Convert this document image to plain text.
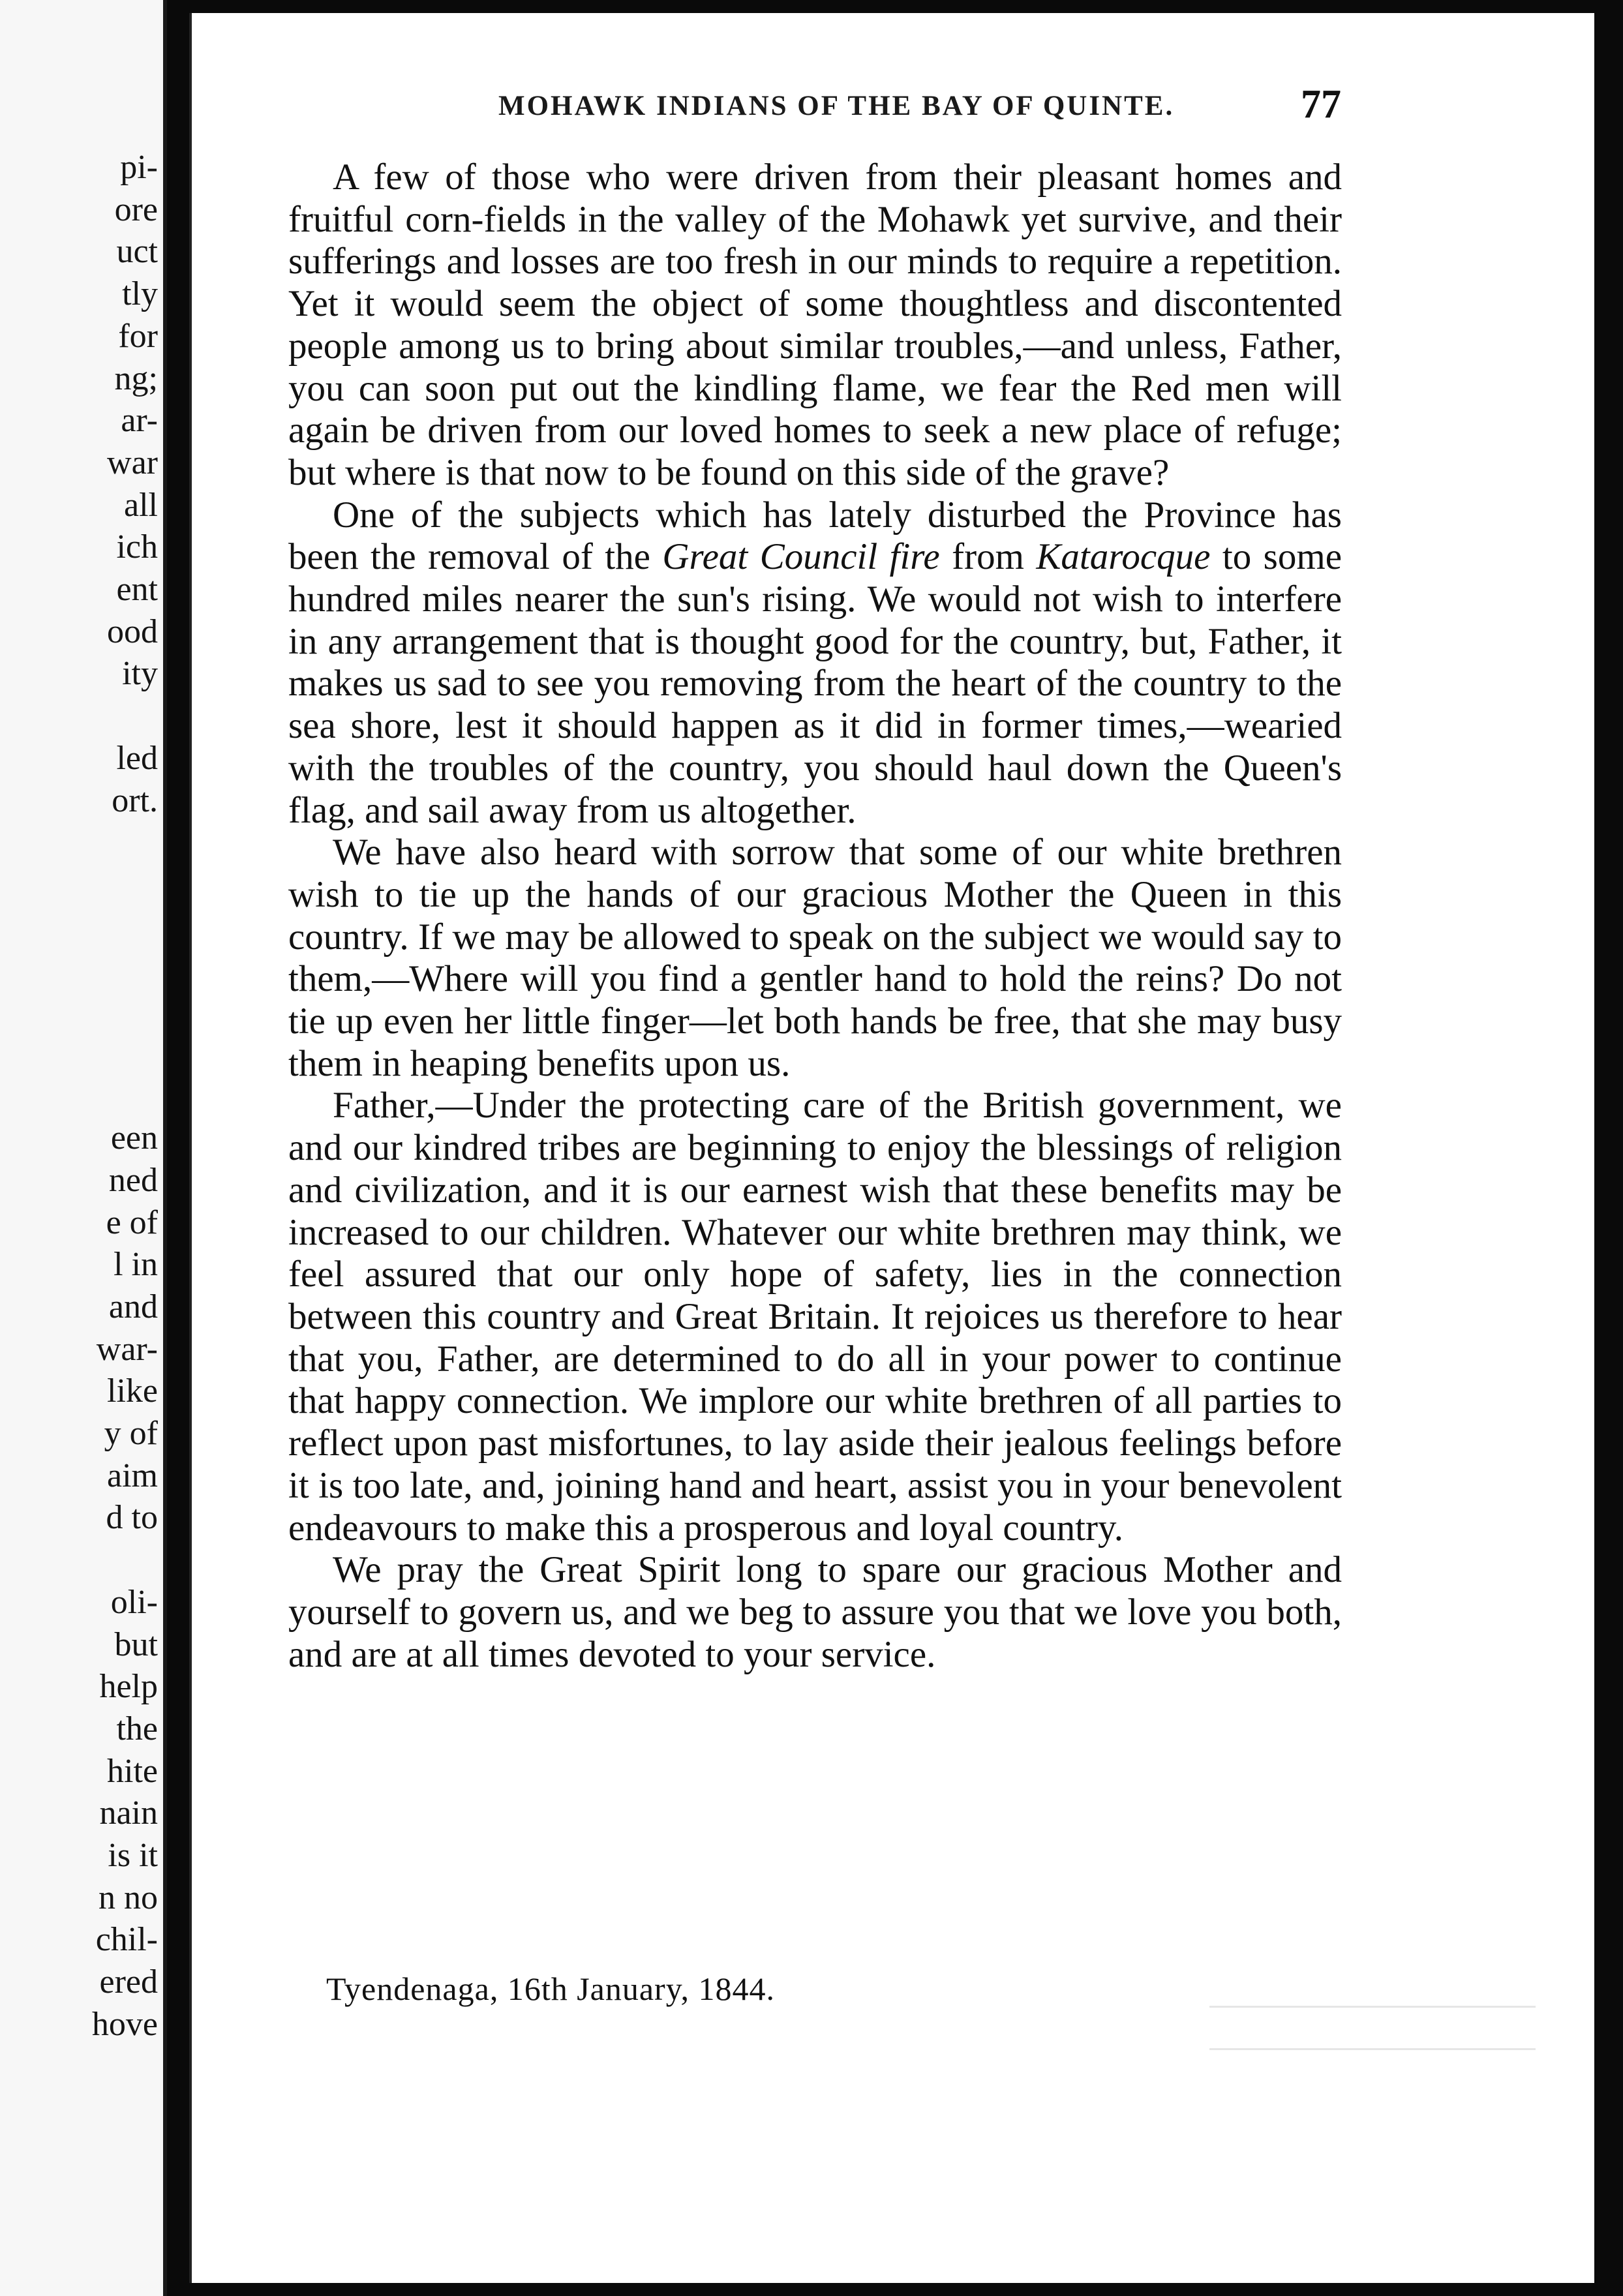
pi-
ore
uct
tly
for
ng;
ar-
war
all
ich
ent
ood
ity
led
ort.
een
ned
e of
l in
and
war-
like
y of
aim
d to
oli-
but
help
the
hite
nain
is it
n no
chil-
ered
hove
MOHAWK INDIANS OF THE BAY OF QUINTE.	77

A few of those who were driven from their pleasant homes and fruitful corn-fields in the valley of the Mohawk yet survive, and their sufferings and losses are too fresh in our minds to require a repetition. Yet it would seem the object of some thoughtless and discontented people among us to bring about similar troubles,—and unless, Father, you can soon put out the kindling flame, we fear the Red men will again be driven from our loved homes to seek a new place of refuge; but where is that now to be found on this side of the grave?

One of the subjects which has lately disturbed the Province has been the removal of the Great Council fire from Katarocque to some hundred miles nearer the sun's rising. We would not wish to interfere in any arrangement that is thought good for the country, but, Father, it makes us sad to see you removing from the heart of the country to the sea shore, lest it should happen as it did in former times,—wearied with the troubles of the country, you should haul down the Queen's flag, and sail away from us altogether.

We have also heard with sorrow that some of our white brethren wish to tie up the hands of our gracious Mother the Queen in this country. If we may be allowed to speak on the subject we would say to them,—Where will you find a gentler hand to hold the reins? Do not tie up even her little finger—let both hands be free, that she may busy them in heaping benefits upon us.

Father,—Under the protecting care of the British government, we and our kindred tribes are beginning to enjoy the blessings of religion and civilization, and it is our earnest wish that these benefits may be increased to our children. Whatever our white brethren may think, we feel assured that our only hope of safety, lies in the connection between this country and Great Britain. It rejoices us therefore to hear that you, Father, are determined to do all in your power to continue that happy connection. We implore our white brethren of all parties to reflect upon past misfortunes, to lay aside their jealous feelings before it is too late, and, joining hand and heart, assist you in your benevolent endeavours to make this a prosperous and loyal country.

We pray the Great Spirit long to spare our gracious Mother and yourself to govern us, and we beg to assure you that we love you both, and are at all times devoted to your service.

Tyendenaga, 16th January, 1844.
